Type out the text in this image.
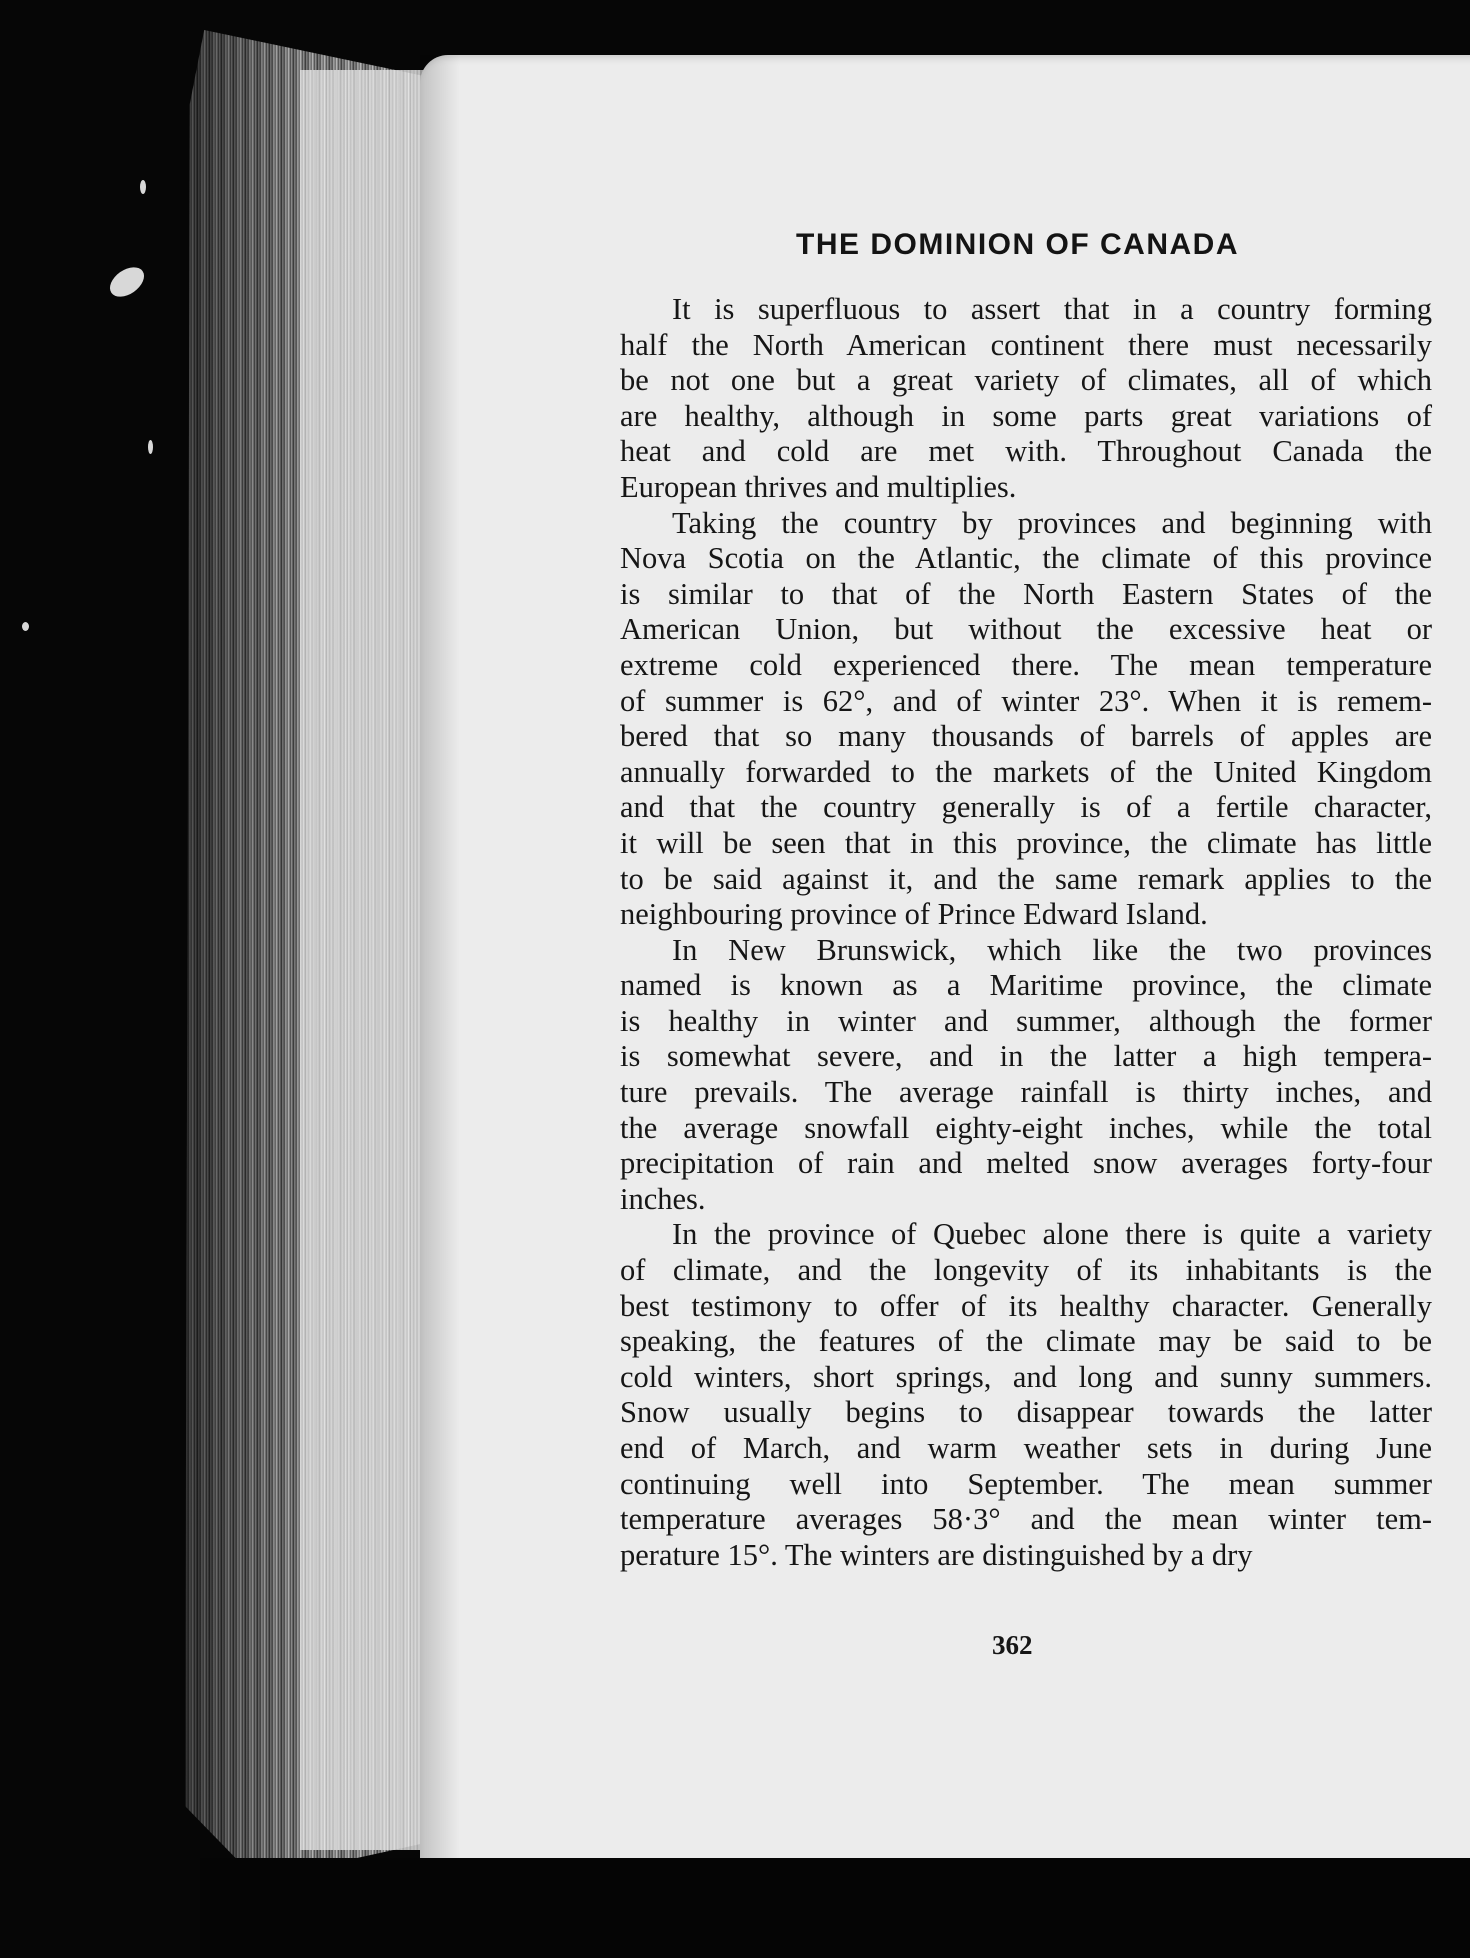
THE DOMINION OF CANADA
It is superfluous to assert that in a country forming
half the North American continent there must necessarily
be not one but a great variety of climates, all of which
are healthy, although in some parts great variations of
heat and cold are met with. Throughout Canada the
European thrives and multiplies.
Taking the country by provinces and beginning with
Nova Scotia on the Atlantic, the climate of this province
is similar to that of the North Eastern States of the
American Union, but without the excessive heat or
extreme cold experienced there. The mean temperature
of summer is 62°, and of winter 23°. When it is remem-
bered that so many thousands of barrels of apples are
annually forwarded to the markets of the United Kingdom
and that the country generally is of a fertile character,
it will be seen that in this province, the climate has little
to be said against it, and the same remark applies to the
neighbouring province of Prince Edward Island.
In New Brunswick, which like the two provinces
named is known as a Maritime province, the climate
is healthy in winter and summer, although the former
is somewhat severe, and in the latter a high tempera-
ture prevails. The average rainfall is thirty inches, and
the average snowfall eighty-eight inches, while the total
precipitation of rain and melted snow averages forty-four
inches.
In the province of Quebec alone there is quite a variety
of climate, and the longevity of its inhabitants is the
best testimony to offer of its healthy character. Generally
speaking, the features of the climate may be said to be
cold winters, short springs, and long and sunny summers.
Snow usually begins to disappear towards the latter
end of March, and warm weather sets in during June
continuing well into September. The mean summer
temperature averages 58·3° and the mean winter tem-
perature 15°. The winters are distinguished by a dry
362
